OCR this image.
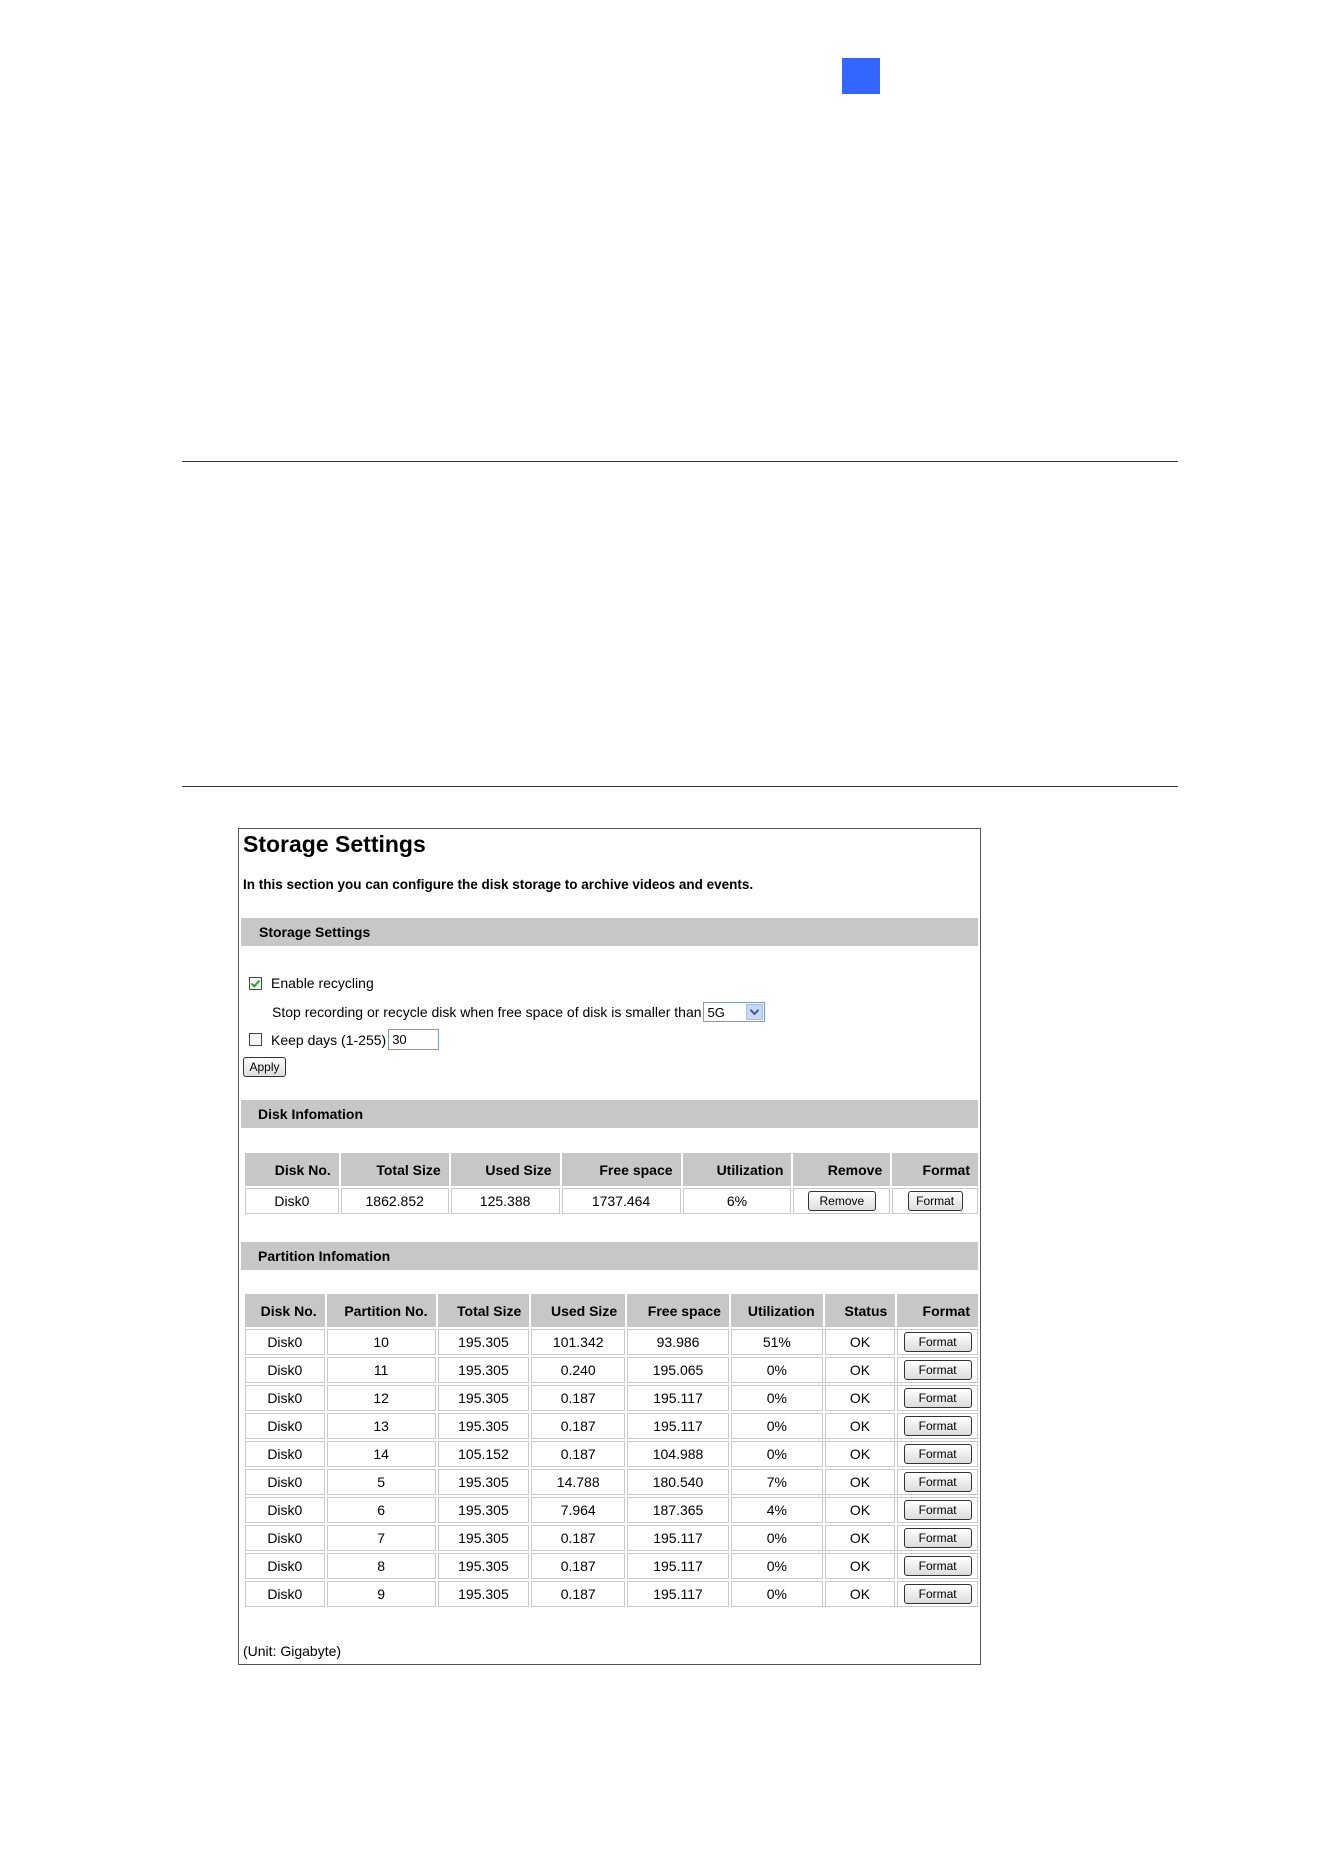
Storage Settings
In this section you can configure the disk storage to archive videos and events.
Storage Settings
Enable recycling
Stop recording or recycle disk when free space of disk is smaller than 5G
Keep days (1-255) 30
Apply
Disk Infomation
Disk No.	Total Size	Used Size	Free space	Utilization	Remove	Format
Disk0	1862.852	125.388	1737.464	6%	Remove	Format
Partition Infomation
Disk No.	Partition No.	Total Size	Used Size	Free space	Utilization	Status	Format
Disk0	10	195.305	101.342	93.986	51%	OK	Format
Disk0	11	195.305	0.240	195.065	0%	OK	Format
Disk0	12	195.305	0.187	195.117	0%	OK	Format
Disk0	13	195.305	0.187	195.117	0%	OK	Format
Disk0	14	105.152	0.187	104.988	0%	OK	Format
Disk0	5	195.305	14.788	180.540	7%	OK	Format
Disk0	6	195.305	7.964	187.365	4%	OK	Format
Disk0	7	195.305	0.187	195.117	0%	OK	Format
Disk0	8	195.305	0.187	195.117	0%	OK	Format
Disk0	9	195.305	0.187	195.117	0%	OK	Format
(Unit: Gigabyte)
